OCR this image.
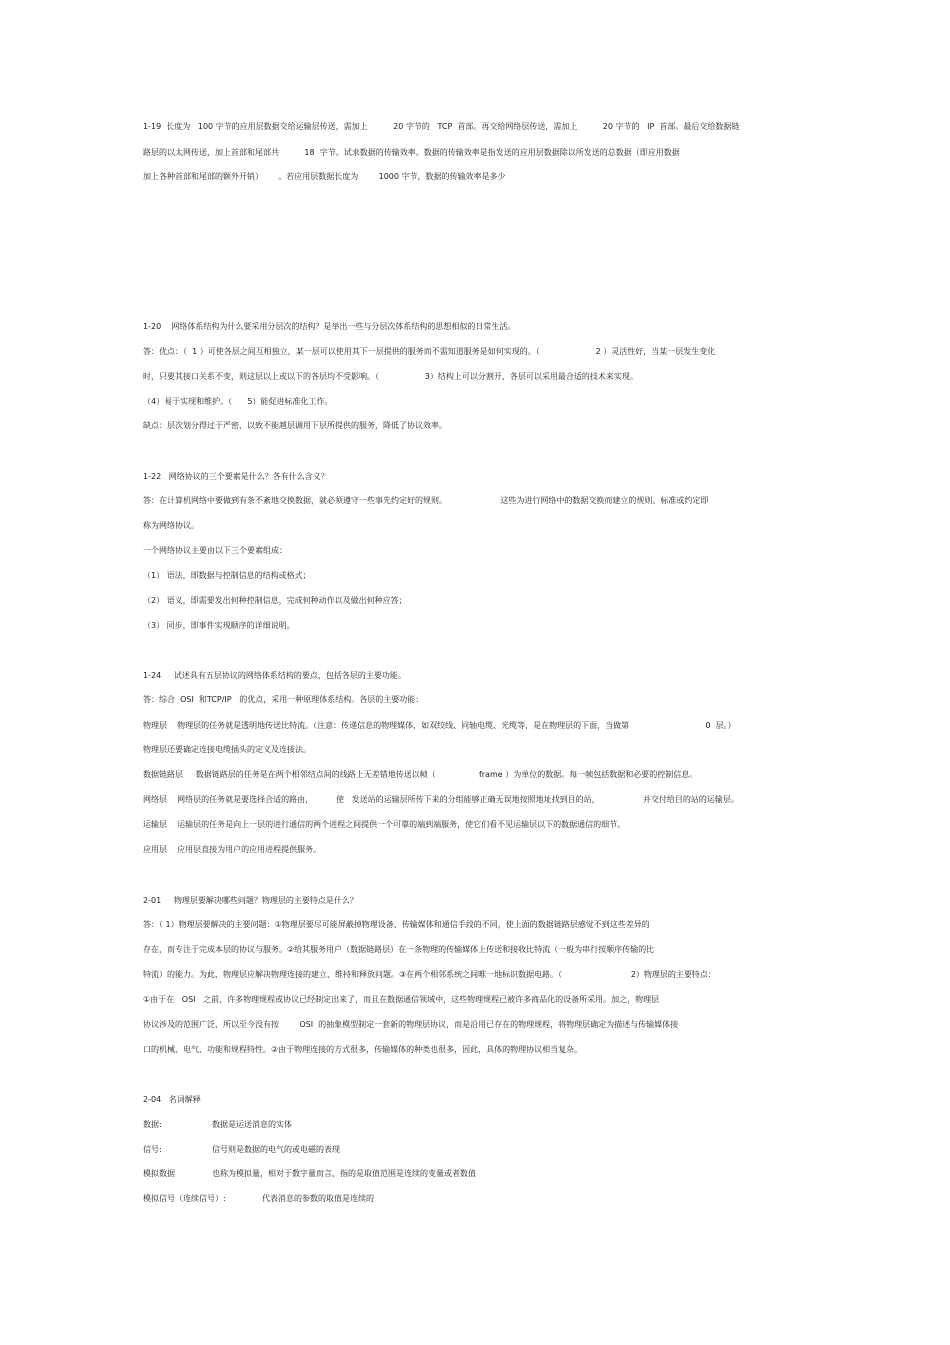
1-19  长度为   100 字节的应用层数据交给运输层传送，需加上          20 字节的   TCP  首部。再交给网络层传送，需加上          20 字节的   IP  首部。最后交给数据链
路层的以太网传送，加上首部和尾部共          18  字节。试求数据的传输效率。数据的传输效率是指发送的应用层数据除以所发送的总数据（即应用数据
加上各种首部和尾部的额外开销）      。若应用层数据长度为        1000 字节，数据的传输效率是多少
1-20    网络体系结构为什么要采用分层次的结构？是举出一些与分层次体系结构的思想相似的日常生活。
答：优点：（  1 ）可使各层之间互相独立，某一层可以使用其下一层提供的服务而不需知道服务是如何实现的。（                      2 ）灵活性好，当某一层发生变化
时，只要其接口关系不变，则这层以上或以下的各层均不受影响。（                  3）结构上可以分割开，各层可以采用最合适的技术来实现。
（4）易于实现和维护。（      5）能促进标准化工作。
缺点：层次划分得过于严密，以致不能越层调用下层所提供的服务，降低了协议效率。
1-22   网络协议的三个要素是什么？各有什么含义？
答：在计算机网络中要做到有条不紊地交换数据，就必须遵守一些事先约定好的规则。                     这些为进行网络中的数据交换而建立的规则、标准或约定即
称为网络协议。
一个网络协议主要由以下三个要素组成：
（1） 语法，即数据与控制信息的结构或格式；
（2） 语义，即需要发出何种控制信息，完成何种动作以及做出何种应答；
（3） 同步，即事件实现顺序的详细说明。
1-24     试述具有五层协议的网络体系结构的要点，包括各层的主要功能。
答：综合  OSI  和TCP/IP   的优点，采用一种原理体系结构。各层的主要功能：
物理层    物理层的任务就是透明地传送比特流。（注意：传递信息的物理媒体，如双绞线、同轴电缆、光缆等，是在物理层的下面，当做第                              0  层。）
物理层还要确定连接电缆插头的定义及连接法。
数据链路层     数据链路层的任务是在两个相邻结点间的线路上无差错地传送以帧（                 frame ）为单位的数据。每一帧包括数据和必要的控制信息。
网络层    网络层的任务就是要选择合适的路由，         使   发送站的运输层所传下来的分组能够正确无误地按照地址找到目的站，                 并交付给目的站的运输层。
运输层    运输层的任务是向上一层的进行通信的两个进程之间提供一个可靠的端到端服务，使它们看不见运输层以下的数据通信的细节。
应用层    应用层直接为用户的应用进程提供服务。
2-01     物理层要解决哪些问题？物理层的主要特点是什么？
答：（ 1）物理层要解决的主要问题：①物理层要尽可能屏蔽掉物理设备、传输媒体和通信手段的不同，使上面的数据链路层感觉不到这些差异的
存在，而专注于完成本层的协议与服务。②给其服务用户（数据链路层）在一条物理的传输媒体上传送和接收比特流（一般为串行按顺序传输的比
特流）的能力。为此，物理层应解决物理连接的建立、维持和释放问题。③在两个相邻系统之间唯一地标识数据电路。（                           2）物理层的主要特点：
①由于在   OSI   之前，许多物理规程或协议已经制定出来了，而且在数据通信领域中，这些物理规程已被许多商品化的设备所采用。加之，物理层
协议涉及的范围广泛，所以至今没有按        OSI  的抽象模型制定一套新的物理层协议，而是沿用已存在的物理规程，将物理层确定为描述与传输媒体接
口的机械、电气、功能和规程特性。②由于物理连接的方式很多，传输媒体的种类也很多，因此，具体的物理协议相当复杂。
2-04   名词解释
数据:	数据是运送消息的实体
信号:	信号则是数据的电气的或电磁的表现
模拟数据	也称为模拟量，相对于数字量而言，指的是取值范围是连续的变量或者数值
模拟信号（连续信号）:	代表消息的参数的取值是连续的
